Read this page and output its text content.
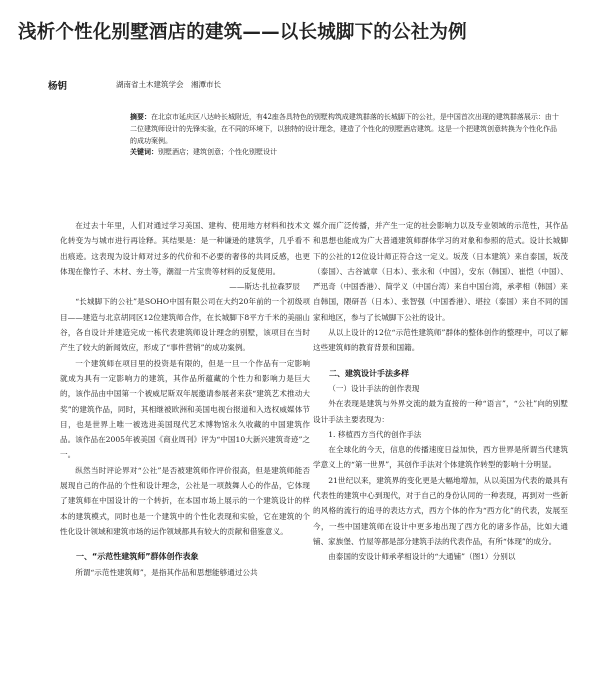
浅析个性化别墅酒店的建筑——以长城脚下的公社为例
杨钥	湖南省土木建筑学会　湘潭市长
摘要：在北京市延庆区八达岭长城附近，有42座各具特色的别墅构筑成建筑群落的长城脚下的公社，是中国首次出现的建筑群落展示：由十二位建筑师设计的先锋实验，在不同的环境下，以独特的设计理念，建造了个性化的别墅酒店建筑。这是一个把建筑创意转换为个性化作品的成功案例。
关键词：别墅酒店；建筑创意；个性化别墅设计

在过去十年里，人们对通过学习美国、建构、使用地方材料和技术文化转变为与城市进行再诠释。其结果是：是一种谦逊的建筑学，几乎看不出痕迹。这表现为设计师对过多的代价和不必要的奢侈的共同反感，也更体现在像竹子、木材、夯土等，潮湿一片宝贵等材料的反复使用。

——斯达·扎拉森罗辰

“长城脚下的公社”是SOHO中国有限公司在大约20年前的一个初级项目——建造与北京胡同区12位建筑师合作，在长城脚下8平方千米的美丽山谷，各自设计并建造完成一栋代表建筑师设计理念的别墅，该项目在当时产生了较大的新闻效应，形成了“事件营销”的成功案例。

一个建筑师在项目里的投资是有限的，但是一旦一个作品有一定影响就成为具有一定影响力的建筑，其作品所蕴藏的个性力和影响力是巨大的，该作品由中国第一个被威尼斯双年展邀请参展者来获“建筑艺术推动大奖”的建筑作品，同时，其相继被欧洲和美国电视台报道和入选权威媒体节目，也是世界上唯一被选进美国现代艺术博物馆永久收藏的中国建筑作品。该作品在2005年被美国《商业周刊》评为“中国10大新兴建筑奇迹”之一。

纵然当时评论界对“公社”是否被建筑师作评价很高，但是建筑师能否展现自己的作品的个性和设计理念，公社是一项鼓舞人心的作品，它体现了建筑师在中国设计的一个转折，在本国市场上展示的一个建筑设计的样本的建筑模式，同时也是一个建筑中的个性化表现和实验，它在建筑的个性化设计领域和建筑市场的运作领域都具有较大的贡献和借鉴意义。

一、“示范性建筑师”群体创作表象

所谓“示范性建筑师”，是指其作品和思想能够通过公共

媒介而广泛传播，并产生一定的社会影响力以及专业领域的示范性，其作品和思想也能成为广大普通建筑师群体学习的对象和参照的范式。设计长城脚下的公社的12位设计师正符合这一定义。坂茂（日本建筑）来自泰国，坂茂（泰国）、古谷诚章（日本）、张永和（中国），安东（韩国）、崔恺（中国）、严迅奇（中国香港）、简学义（中国台湾）来自中国台湾，承孝相（韩国）来自韩国，隈研吾（日本）、张智强（中国香港）、堪拉（泰国）来自不同的国家和地区，参与了长城脚下公社的设计。

从以上设计的12位“示范性建筑师”群体的整体创作的整理中，可以了解这些建筑师的教育背景和国籍。

二、建筑设计手法多样

（一）设计手法的创作表现

外在表现是建筑与外界交流的最为直接的一种“语言”，“公社”向的别墅设计手法主要表现为：

1. 移植西方当代的创作手法

在全球化的今天，信息的传播速度日益加快，西方世界是所谓当代建筑学意义上的“第一世界”，其创作手法对个体建筑作转型的影响十分明显。

21世纪以来，建筑界的变化更是大幅地增加，从以美国为代表的最具有代表性的建筑中心到现代，对于自己的身份认同的一种表现，再到对一些新的风格的流行的追寻的表达方式，西方个体的作为“西方化”的代表，发展至今，一些中国建筑师在设计中更多地出现了西方化的诸多作品，比如大通铺、家族堡、竹屋等都是部分建筑手法的代表作品，有所“体现”的成分。

由泰国的安设计师承孝相设计的“大通铺”（图1）分别以
